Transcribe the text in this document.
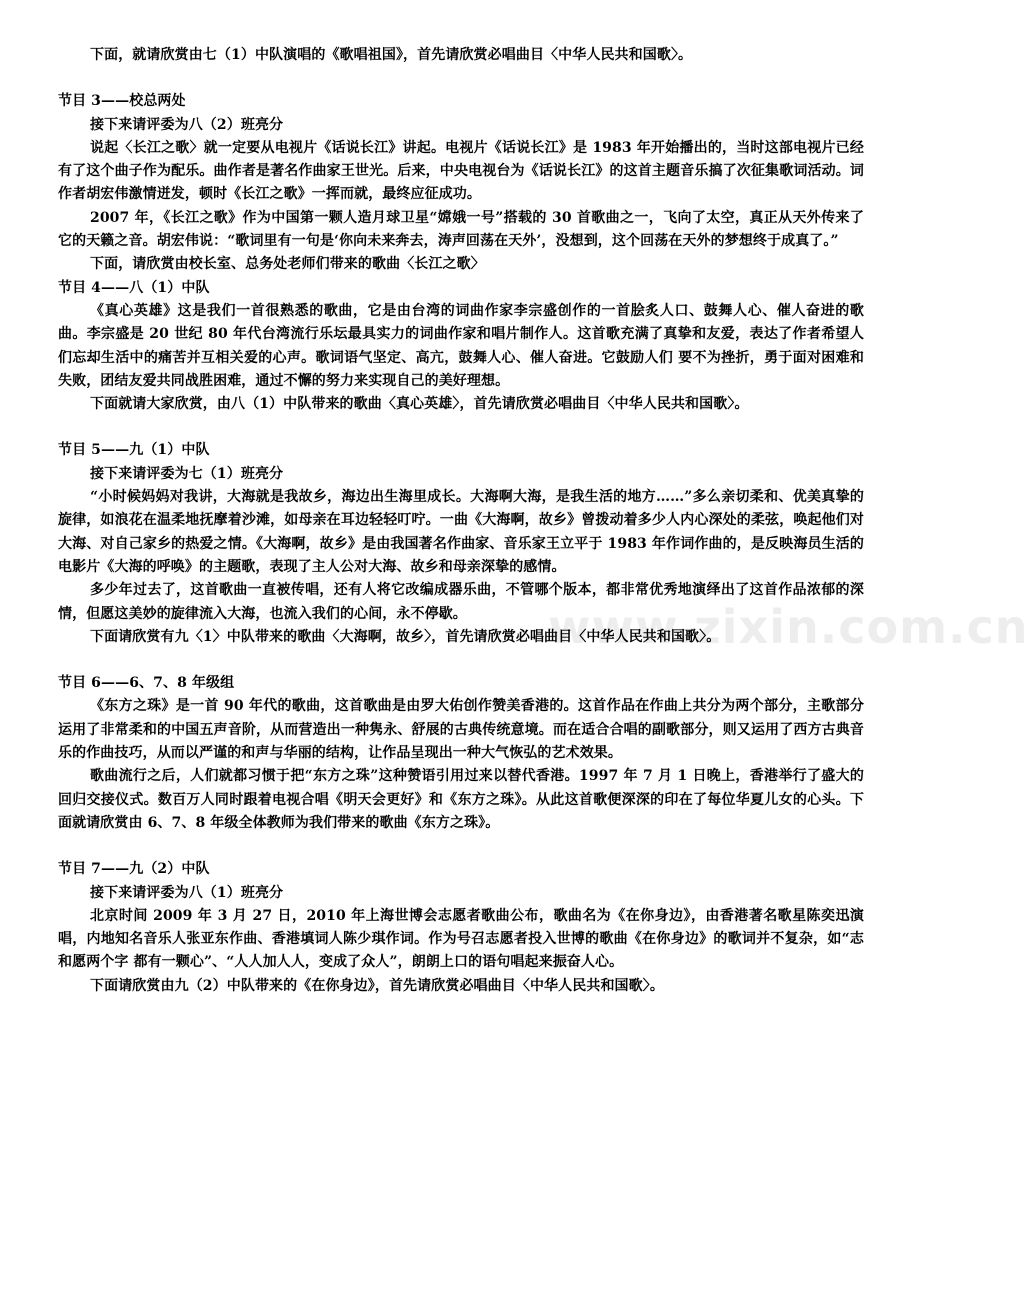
www.zixin.com.cn

下面，就请欣赏由七（1）中队演唱的《歌唱祖国》，首先请欣赏必唱曲目〈中华人民共和国歌〉。

节目 3——校总两处

接下来请评委为八（2）班亮分

说起〈长江之歌〉就一定要从电视片《话说长江》讲起。电视片《话说长江》是 1983 年开始播出的，当时这部电视片已经有了这个曲子作为配乐。曲作者是著名作曲家王世光。后来，中央电视台为《话说长江》的这首主题音乐搞了次征集歌词活动。词作者胡宏伟激情迸发，顿时《长江之歌》一挥而就，最终应征成功。

2007 年，《长江之歌》作为中国第一颗人造月球卫星“嫦娥一号”搭载的 30 首歌曲之一，飞向了太空，真正从天外传来了它的天籁之音。胡宏伟说：“歌词里有一句是‘你向未来奔去，涛声回荡在天外’，没想到，这个回荡在天外的梦想终于成真了。”

下面，请欣赏由校长室、总务处老师们带来的歌曲〈长江之歌〉

节目 4——八（1）中队

《真心英雄》这是我们一首很熟悉的歌曲，它是由台湾的词曲作家李宗盛创作的一首脍炙人口、鼓舞人心、催人奋进的歌曲。李宗盛是 20 世纪 80 年代台湾流行乐坛最具实力的词曲作家和唱片制作人。这首歌充满了真挚和友爱，表达了作者希望人们忘却生活中的痛苦并互相关爱的心声。歌词语气坚定、高亢，鼓舞人心、催人奋进。它鼓励人们 要不为挫折，勇于面对困难和失败，团结友爱共同战胜困难，通过不懈的努力来实现自己的美好理想。

下面就请大家欣赏，由八（1）中队带来的歌曲〈真心英雄〉，首先请欣赏必唱曲目〈中华人民共和国歌〉。

节目 5——九（1）中队

接下来请评委为七（1）班亮分

“小时候妈妈对我讲，大海就是我故乡，海边出生海里成长。大海啊大海，是我生活的地方……”多么亲切柔和、优美真挚的旋律，如浪花在温柔地抚摩着沙滩，如母亲在耳边轻轻叮咛。一曲《大海啊，故乡》曾拨动着多少人内心深处的柔弦，唤起他们对大海、对自己家乡的热爱之情。《大海啊，故乡》是由我国著名作曲家、音乐家王立平于 1983 年作词作曲的，是反映海员生活的电影片《大海的呼唤》的主题歌，表现了主人公对大海、故乡和母亲深挚的感情。

多少年过去了，这首歌曲一直被传唱，还有人将它改编成器乐曲，不管哪个版本，都非常优秀地演绎出了这首作品浓郁的深情，但愿这美妙的旋律流入大海，也流入我们的心间，永不停歇。

下面请欣赏有九〈1〉中队带来的歌曲〈大海啊，故乡〉，首先请欣赏必唱曲目〈中华人民共和国歌〉。

节目 6——6、7、8 年级组

《东方之珠》是一首 90 年代的歌曲，这首歌曲是由罗大佑创作赞美香港的。这首作品在作曲上共分为两个部分，主歌部分运用了非常柔和的中国五声音阶，从而营造出一种隽永、舒展的古典传统意境。而在适合合唱的副歌部分，则又运用了西方古典音乐的作曲技巧，从而以严谨的和声与华丽的结构，让作品呈现出一种大气恢弘的艺术效果。

歌曲流行之后，人们就都习惯于把“东方之珠”这种赞语引用过来以替代香港。1997 年 7 月 1 日晚上，香港举行了盛大的回归交接仪式。数百万人同时跟着电视合唱《明天会更好》和《东方之珠》。从此这首歌便深深的印在了每位华夏儿女的心头。下面就请欣赏由 6、7、8 年级全体教师为我们带来的歌曲《东方之珠》。

节目 7——九（2）中队

接下来请评委为八（1）班亮分

北京时间 2009 年 3 月 27 日，2010 年上海世博会志愿者歌曲公布，歌曲名为《在你身边》，由香港著名歌星陈奕迅演唱，内地知名音乐人张亚东作曲、香港填词人陈少琪作词。作为号召志愿者投入世博的歌曲《在你身边》的歌词并不复杂，如“志和愿两个字 都有一颗心”、“人人加人人，变成了众人”，朗朗上口的语句唱起来振奋人心。

下面请欣赏由九（2）中队带来的《在你身边》，首先请欣赏必唱曲目〈中华人民共和国歌〉。
